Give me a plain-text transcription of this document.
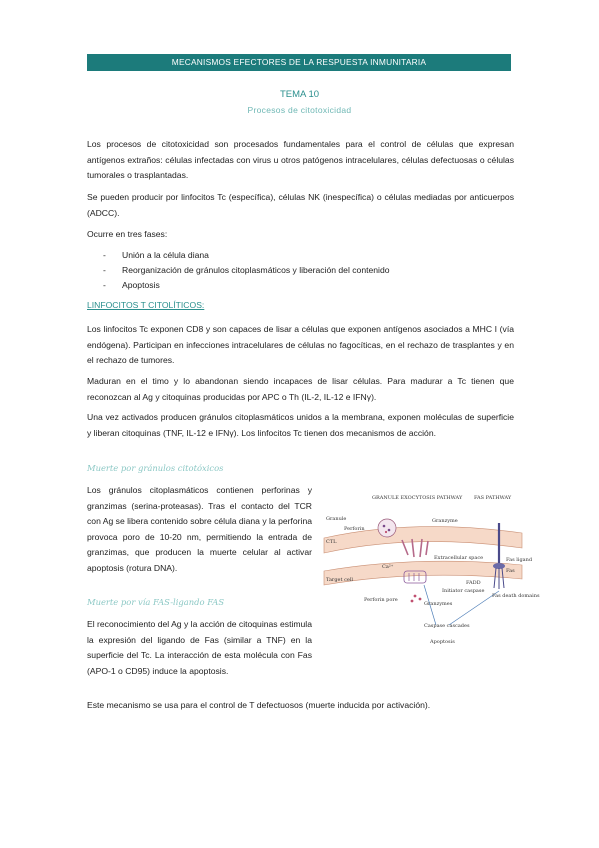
MECANISMOS EFECTORES DE LA RESPUESTA INMUNITARIA
TEMA 10
Procesos de citotoxicidad
Los procesos de citotoxicidad son procesados fundamentales para el control de células que expresan antígenos extraños: células infectadas con virus u otros patógenos intracelulares, células defectuosas o células tumorales o trasplantadas.
Se pueden producir por linfocitos Tc (específica), células NK (inespecífica) o células mediadas por anticuerpos (ADCC).
Ocurre en tres fases:
- Unión a la célula diana
- Reorganización de gránulos citoplasmáticos y liberación del contenido
- Apoptosis
LINFOCITOS T CITOLÍTICOS:
Los linfocitos Tc exponen CD8 y son capaces de lisar a células que exponen antígenos asociados a MHC I (vía endógena). Participan en infecciones intracelulares de células no fagocíticas, en el rechazo de trasplantes y en el rechazo de tumores.
Maduran en el timo y lo abandonan siendo incapaces de lisar células. Para madurar a Tc tienen que reconozcan al Ag y citoquinas producidas por APC o Th (IL-2, IL-12 e IFNγ).
Una vez activados producen gránulos citoplasmáticos unidos a la membrana, exponen moléculas de superficie y liberan citoquinas (TNF, IL-12 e IFNγ). Los linfocitos Tc tienen dos mecanismos de acción.
Muerte por gránulos citotóxicos
Los gránulos citoplasmáticos contienen perforinas y granzimas (serina-proteasas). Tras el contacto del TCR con Ag se libera contenido sobre célula diana y la perforina provoca poro de 10-20 nm, permitiendo la entrada de granzimas, que producen la muerte celular al activar apoptosis (rotura DNA).
Muerte por vía FAS-ligando FAS
El reconocimiento del Ag y la acción de citoquinas estimula la expresión del ligando de Fas (similar a TNF) en la superficie del Tc. La interacción de esta molécula con Fas (APO-1 o CD95) induce la apoptosis.
Este mecanismo se usa para el control de T defectuosos (muerte inducida por activación).
GRANULE EXOCYTOSIS PATHWAY FAS PATHWAY
Granule
Perforin
Granzyme
CTL
Extracellular space	Fas ligand
Fas
Ca²⁺
Target cell	FADD
Initiator caspase
Perforin pore
Granzymes
Fas death domains
Caspase cascades
Apoptosis
